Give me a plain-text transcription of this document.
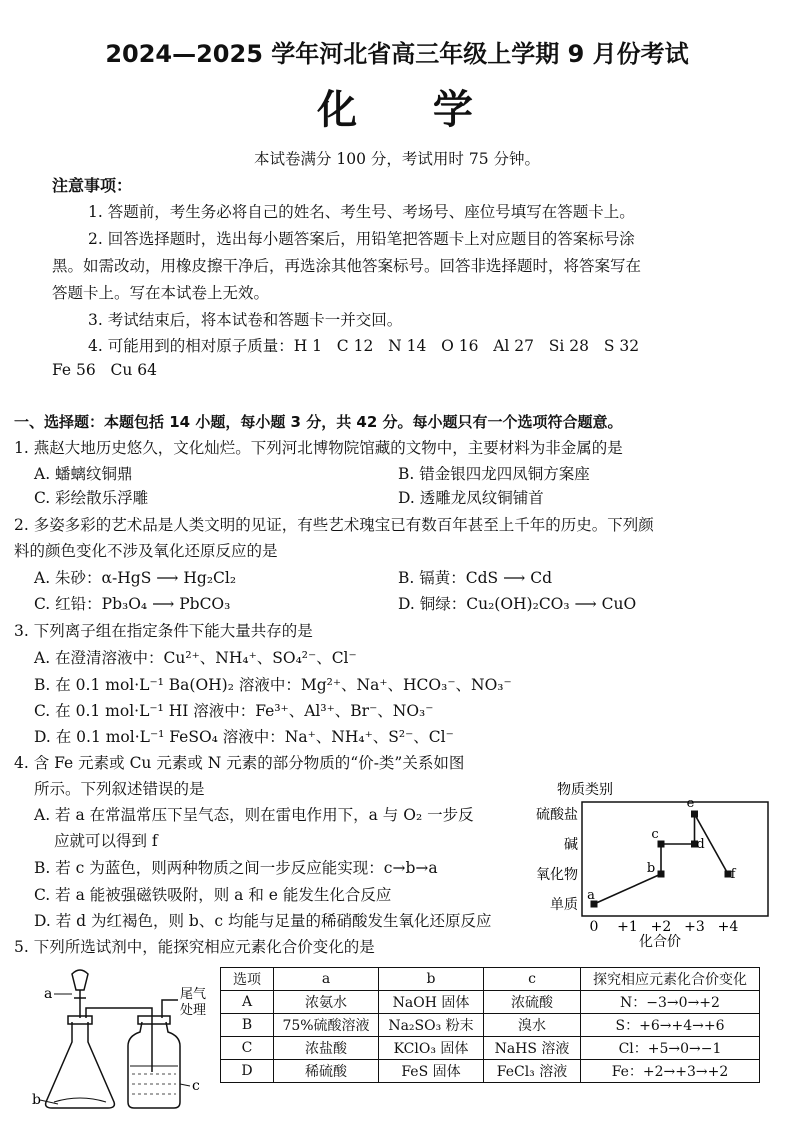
2024—2025 学年河北省高三年级上学期 9 月份考试
化    学
本试卷满分 100 分，考试用时 75 分钟。
注意事项：
1. 答题前，考生务必将自己的姓名、考生号、考场号、座位号填写在答题卡上。
2. 回答选择题时，选出每小题答案后，用铅笔把答题卡上对应题目的答案标号涂
黑。如需改动，用橡皮擦干净后，再选涂其他答案标号。回答非选择题时，将答案写在
答题卡上。写在本试卷上无效。
3. 考试结束后，将本试卷和答题卡一并交回。
4. 可能用到的相对原子质量：H 1   C 12   N 14   O 16   Al 27   Si 28   S 32
Fe 56   Cu 64
一、选择题：本题包括 14 小题，每小题 3 分，共 42 分。每小题只有一个选项符合题意。
1. 燕赵大地历史悠久，文化灿烂。下列河北博物院馆藏的文物中，主要材料为非金属的是
A. 蟠螭纹铜鼎	B. 错金银四龙四凤铜方案座
C. 彩绘散乐浮雕	D. 透雕龙凤纹铜铺首
2. 多姿多彩的艺术品是人类文明的见证，有些艺术瑰宝已有数百年甚至上千年的历史。下列颜
料的颜色变化不涉及氧化还原反应的是
A. 朱砂：α-HgS ⟶ Hg₂Cl₂	B. 镉黄：CdS ⟶ Cd
C. 红铅：Pb₃O₄ ⟶ PbCO₃	D. 铜绿：Cu₂(OH)₂CO₃ ⟶ CuO
3. 下列离子组在指定条件下能大量共存的是
A. 在澄清溶液中：Cu²⁺、NH₄⁺、SO₄²⁻、Cl⁻
B. 在 0.1 mol·L⁻¹ Ba(OH)₂ 溶液中：Mg²⁺、Na⁺、HCO₃⁻、NO₃⁻
C. 在 0.1 mol·L⁻¹ HI 溶液中：Fe³⁺、Al³⁺、Br⁻、NO₃⁻
D. 在 0.1 mol·L⁻¹ FeSO₄ 溶液中：Na⁺、NH₄⁺、S²⁻、Cl⁻
4. 含 Fe 元素或 Cu 元素或 N 元素的部分物质的“价-类”关系如图
所示。下列叙述错误的是
A. 若 a 在常温常压下呈气态，则在雷电作用下，a 与 O₂ 一步反
应就可以得到 f
B. 若 c 为蓝色，则两种物质之间一步反应能实现：c→b→a
C. 若 a 能被强磁铁吸附，则 a 和 e 能发生化合反应
D. 若 d 为红褐色，则 b、c 均能与足量的稀硝酸发生氧化还原反应
物质类别
单质
氧化物
碱
硫酸盐
0 +1 +2 +3 +4
a
b
c
d
e
f
化合价
5. 下列所选试剂中，能探究相应元素化合价变化的是
a
b
c
尾气
处理
选项	a	b	c	探究相应元素化合价变化
A	浓氨水	NaOH 固体	浓硫酸	N：−3→0→+2
B	75%硫酸溶液	Na₂SO₃ 粉末	溴水	S：+6→+4→+6
C	浓盐酸	KClO₃ 固体	NaHS 溶液	Cl：+5→0→−1
D	稀硫酸	FeS 固体	FeCl₃ 溶液	Fe：+2→+3→+2
